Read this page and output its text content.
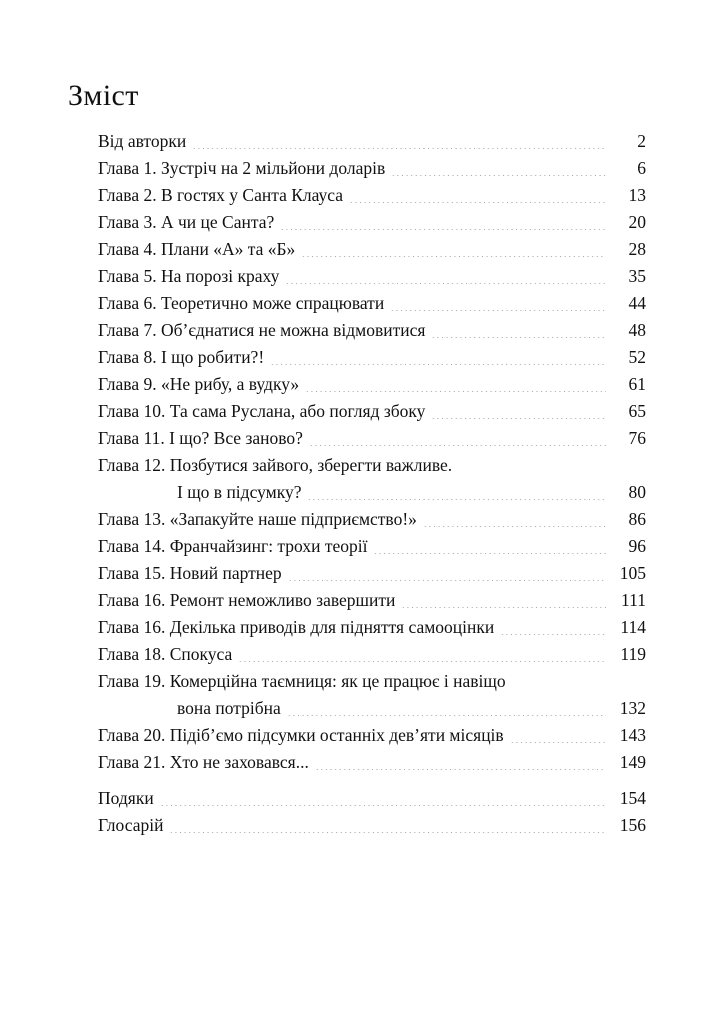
Зміст
Від авторки	2
Глава 1. Зустріч на 2 мільйони доларів	6
Глава 2. В гостях у Санта Клауса	13
Глава 3. А чи це Санта?	20
Глава 4. Плани «А» та «Б»	28
Глава 5. На порозі краху	35
Глава 6. Теоретично може спрацювати	44
Глава 7. Об’єднатися не можна відмовитися	48
Глава 8. І що робити?!	52
Глава 9. «Не рибу, а вудку»	61
Глава 10. Та сама Руслана, або погляд збоку	65
Глава 11. І що? Все заново?	76
Глава 12. Позбутися зайвого, зберегти важливе.
І що в підсумку?	80
Глава 13. «Запакуйте наше підприємство!»	86
Глава 14. Франчайзинг: трохи теорії	96
Глава 15. Новий партнер	105
Глава 16. Ремонт неможливо завершити	111
Глава 16. Декілька приводів для підняття самооцінки	114
Глава 18. Спокуса	119
Глава 19. Комерційна таємниця: як це працює і навіщо
вона потрібна	132
Глава 20. Підіб’ємо підсумки останніх дев’яти місяців	143
Глава 21. Хто не заховався...	149
Подяки	154
Глосарій	156
